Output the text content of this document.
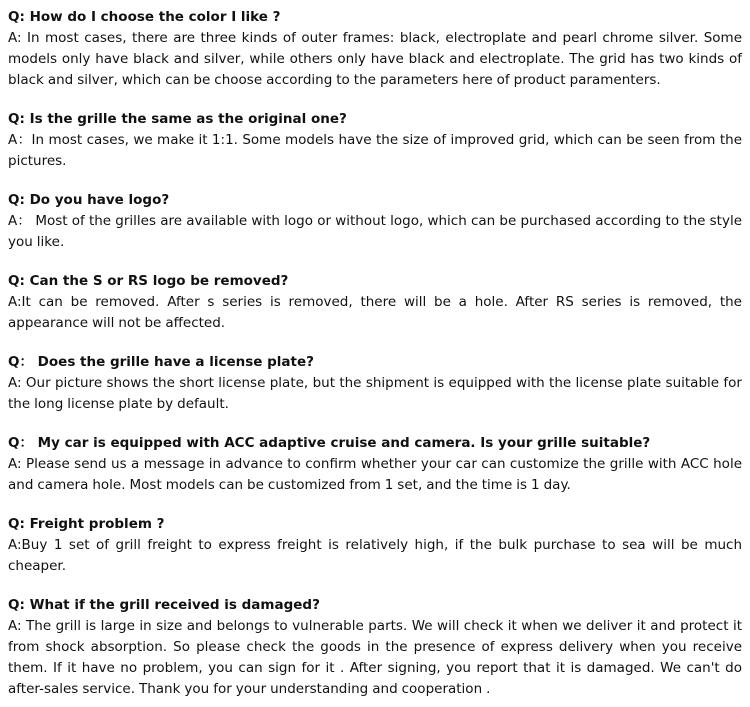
Q: How do I choose the color I like ?

A: In most cases, there are three kinds of outer frames: black, electroplate and pearl chrome silver. Some models only have black and silver, while others only have black and electroplate. The grid has two kinds of black and silver, which can be choose according to the parameters here of product paramenters.

Q: Is the grille the same as the original one?

A：In most cases, we make it 1:1. Some models have the size of improved grid, which can be seen from the pictures.

Q: Do you have logo?

A： Most of the grilles are available with logo or without logo, which can be purchased according to the style you like.

Q: Can the S or RS logo be removed?

A:It can be removed. After s series is removed, there will be a hole. After RS series is removed, the appearance will not be affected.

Q： Does the grille have a license plate?

A: Our picture shows the short license plate, but the shipment is equipped with the license plate suitable for the long license plate by default.

Q： My car is equipped with ACC adaptive cruise and camera. Is your grille suitable?

A: Please send us a message in advance to confirm whether your car can customize the grille with ACC hole and camera hole. Most models can be customized from 1 set, and the time is 1 day.

Q: Freight problem ?

A:Buy 1 set of grill freight to express freight is relatively high, if the bulk purchase to sea will be much cheaper.

Q: What if the grill received is damaged?

A: The grill is large in size and belongs to vulnerable parts. We will check it when we deliver it and protect it from shock absorption. So please check the goods in the presence of express delivery when you receive them. If it have no problem, you can sign for it . After signing, you report that it is damaged. We can't do after-sales service. Thank you for your understanding and cooperation .
